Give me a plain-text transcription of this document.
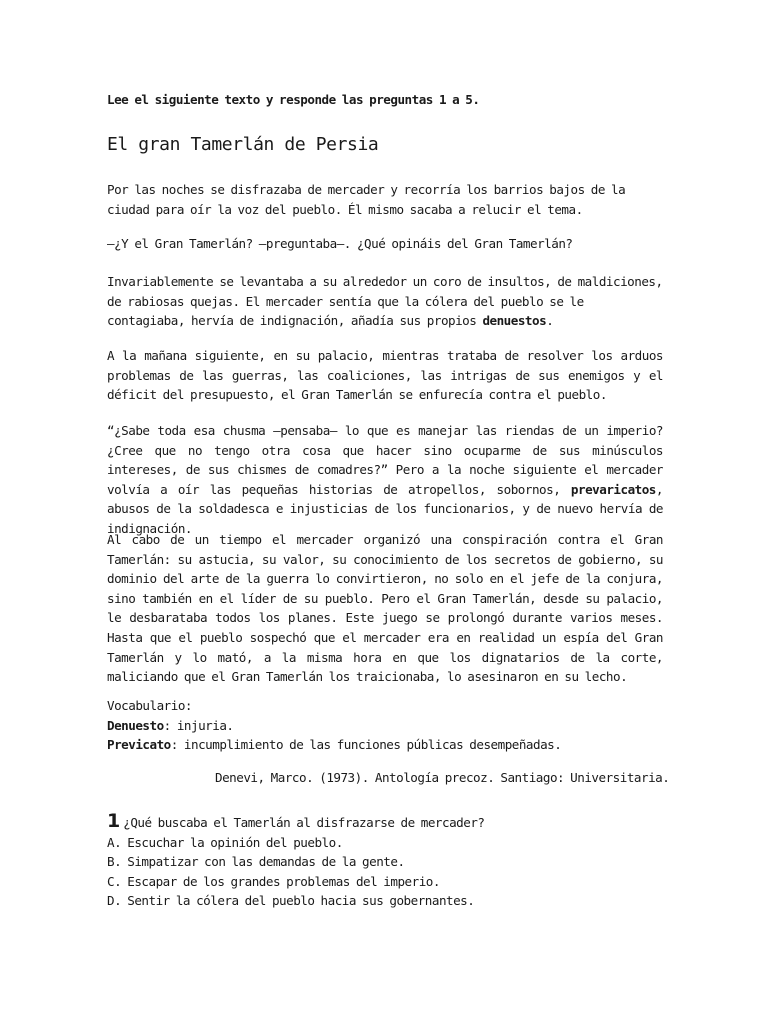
Lee el siguiente texto y responde las preguntas 1 a 5.
El gran Tamerlán de Persia
Por las noches se disfrazaba de mercader y recorría los barrios bajos de la ciudad para oír la voz del pueblo. Él mismo sacaba a relucir el tema.
—¿Y el Gran Tamerlán? —preguntaba—. ¿Qué opináis del Gran Tamerlán?
Invariablemente se levantaba a su alrededor un coro de insultos, de maldiciones, de rabiosas quejas. El mercader sentía que la cólera del pueblo se le contagiaba, hervía de indignación, añadía sus propios denuestos.
A la mañana siguiente, en su palacio, mientras trataba de resolver los arduos problemas de las guerras, las coaliciones, las intrigas de sus enemigos y el déficit del presupuesto, el Gran Tamerlán se enfurecía contra el pueblo.
“¿Sabe toda esa chusma —pensaba— lo que es manejar las riendas de un imperio? ¿Cree que no tengo otra cosa que hacer sino ocuparme de sus minúsculos intereses, de sus chismes de comadres?” Pero a la noche siguiente el mercader volvía a oír las pequeñas historias de atropellos, sobornos, prevaricatos, abusos de la soldadesca e injusticias de los funcionarios, y de nuevo hervía de indignación.
Al cabo de un tiempo el mercader organizó una conspiración contra el Gran Tamerlán: su astucia, su valor, su conocimiento de los secretos de gobierno, su dominio del arte de la guerra lo convirtieron, no solo en el jefe de la conjura, sino también en el líder de su pueblo. Pero el Gran Tamerlán, desde su palacio, le desbarataba todos los planes. Este juego se prolongó durante varios meses. Hasta que el pueblo sospechó que el mercader era en realidad un espía del Gran Tamerlán y lo mató, a la misma hora en que los dignatarios de la corte, maliciando que el Gran Tamerlán los traicionaba, lo asesinaron en su lecho.
Vocabulario:
Denuesto: injuria.
Previcato: incumplimiento de las funciones públicas desempeñadas.
Denevi, Marco. (1973). Antología precoz. Santiago: Universitaria.
1 ¿Qué buscaba el Tamerlán al disfrazarse de mercader?
A. Escuchar la opinión del pueblo.
B. Simpatizar con las demandas de la gente.
C. Escapar de los grandes problemas del imperio.
D. Sentir la cólera del pueblo hacia sus gobernantes.
